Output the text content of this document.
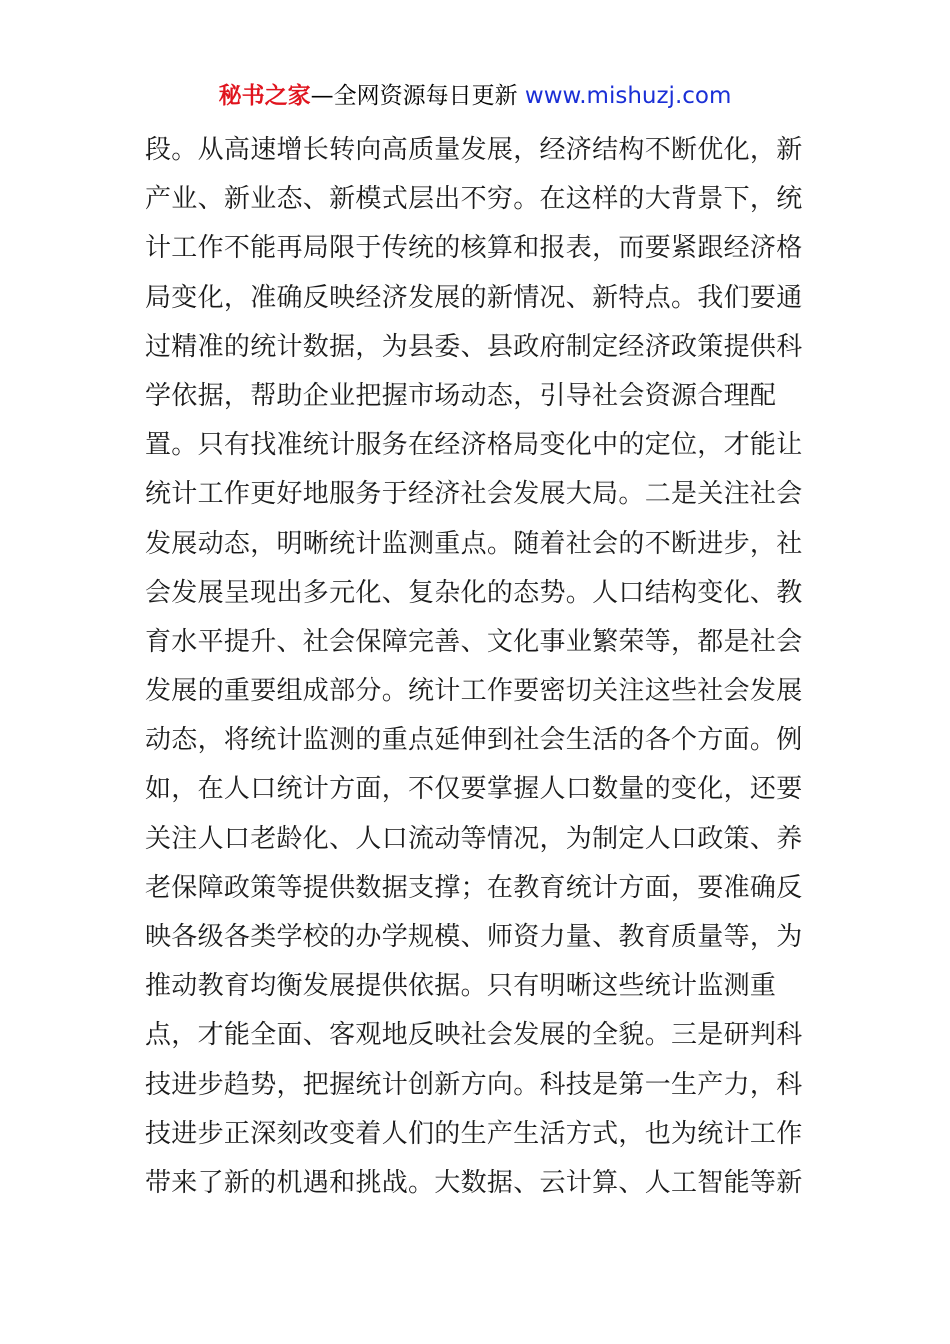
秘书之家—全网资源每日更新 www.mishuzj.com
段。从高速增长转向高质量发展，经济结构不断优化，新
产业、新业态、新模式层出不穷。在这样的大背景下，统
计工作不能再局限于传统的核算和报表，而要紧跟经济格
局变化，准确反映经济发展的新情况、新特点。我们要通
过精准的统计数据，为县委、县政府制定经济政策提供科
学依据，帮助企业把握市场动态，引导社会资源合理配
置。只有找准统计服务在经济格局变化中的定位，才能让
统计工作更好地服务于经济社会发展大局。二是关注社会
发展动态，明晰统计监测重点。随着社会的不断进步，社
会发展呈现出多元化、复杂化的态势。人口结构变化、教
育水平提升、社会保障完善、文化事业繁荣等，都是社会
发展的重要组成部分。统计工作要密切关注这些社会发展
动态，将统计监测的重点延伸到社会生活的各个方面。例
如，在人口统计方面，不仅要掌握人口数量的变化，还要
关注人口老龄化、人口流动等情况，为制定人口政策、养
老保障政策等提供数据支撑；在教育统计方面，要准确反
映各级各类学校的办学规模、师资力量、教育质量等，为
推动教育均衡发展提供依据。只有明晰这些统计监测重
点，才能全面、客观地反映社会发展的全貌。三是研判科
技进步趋势，把握统计创新方向。科技是第一生产力，科
技进步正深刻改变着人们的生产生活方式，也为统计工作
带来了新的机遇和挑战。大数据、云计算、人工智能等新
